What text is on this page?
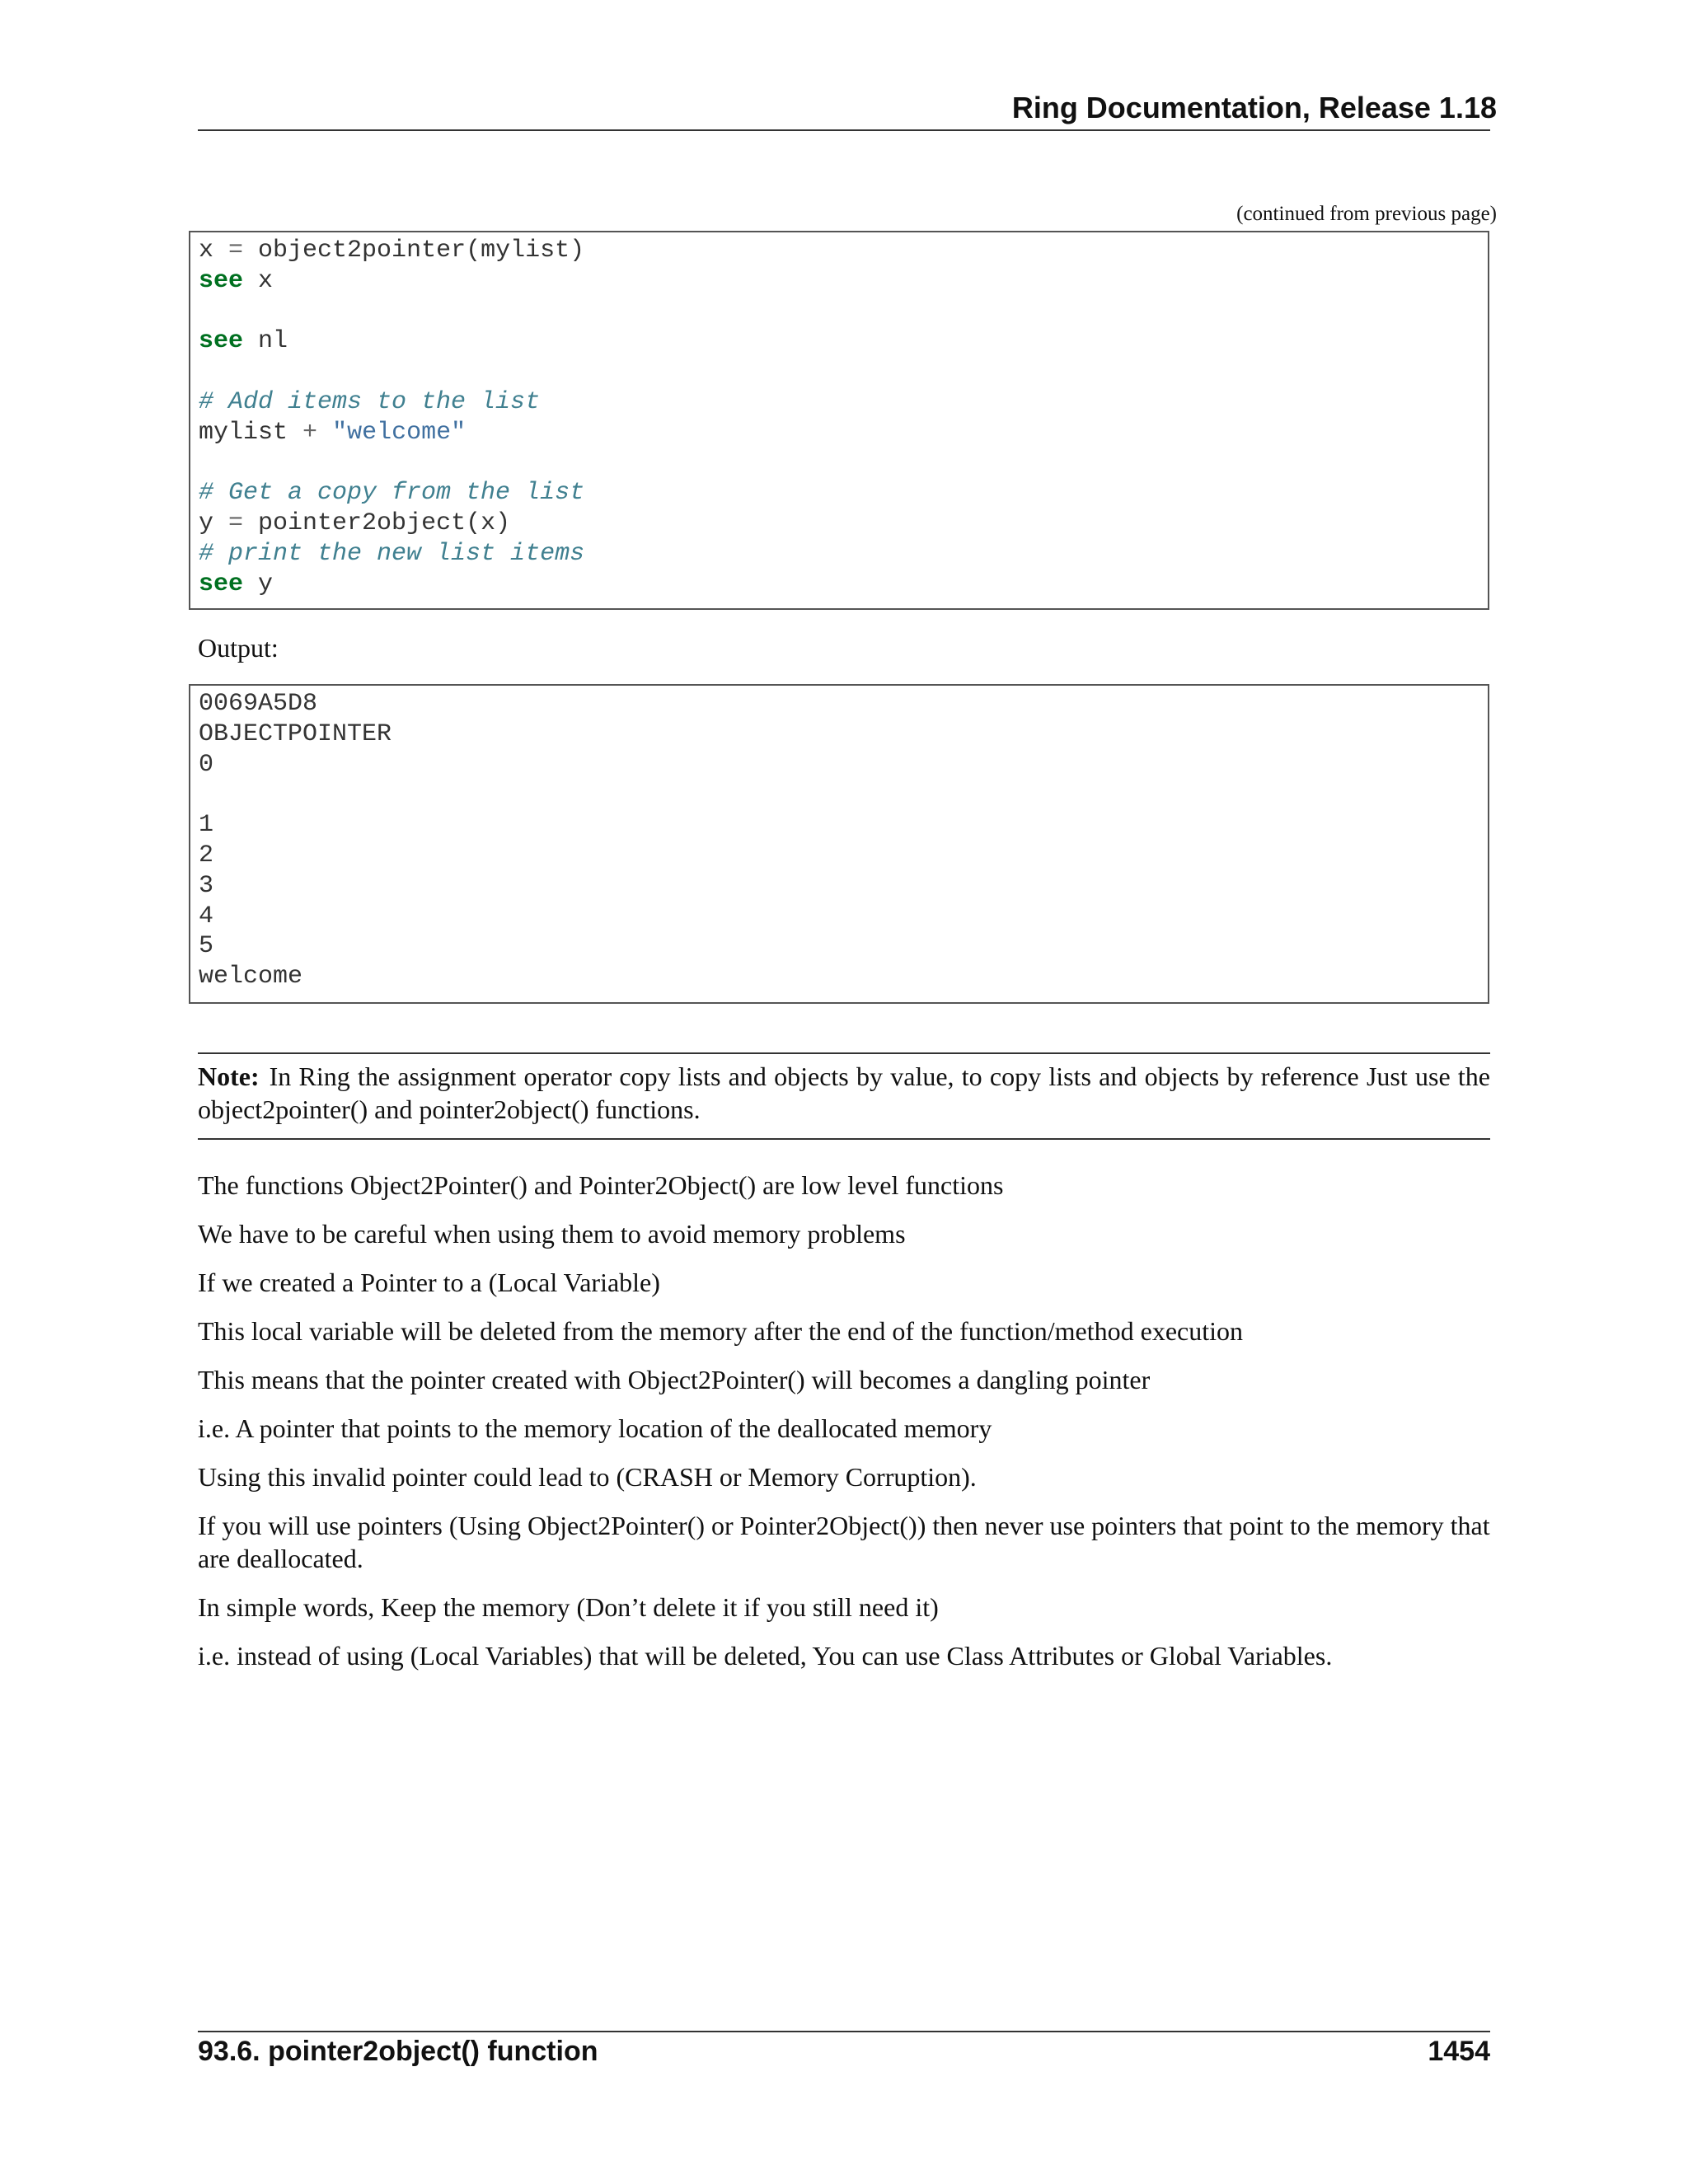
Ring Documentation, Release 1.18
(continued from previous page)
x = object2pointer(mylist)
see x
see nl
# Add items to the list
mylist + "welcome"
# Get a copy from the list
y = pointer2object(x)
# print the new list items
see y
Output:
0069A5D8
OBJECTPOINTER
0
1
2
3
4
5
welcome
Note: In Ring the assignment operator copy lists and objects by value, to copy lists and objects by reference Just use the object2pointer() and pointer2object() functions.
The functions Object2Pointer() and Pointer2Object() are low level functions
We have to be careful when using them to avoid memory problems
If we created a Pointer to a (Local Variable)
This local variable will be deleted from the memory after the end of the function/method execution
This means that the pointer created with Object2Pointer() will becomes a dangling pointer
i.e. A pointer that points to the memory location of the deallocated memory
Using this invalid pointer could lead to (CRASH or Memory Corruption).
If you will use pointers (Using Object2Pointer() or Pointer2Object()) then never use pointers that point to the memory that are deallocated.
In simple words, Keep the memory (Don’t delete it if you still need it)
i.e. instead of using (Local Variables) that will be deleted, You can use Class Attributes or Global Variables.
93.6. pointer2object() function	1454
